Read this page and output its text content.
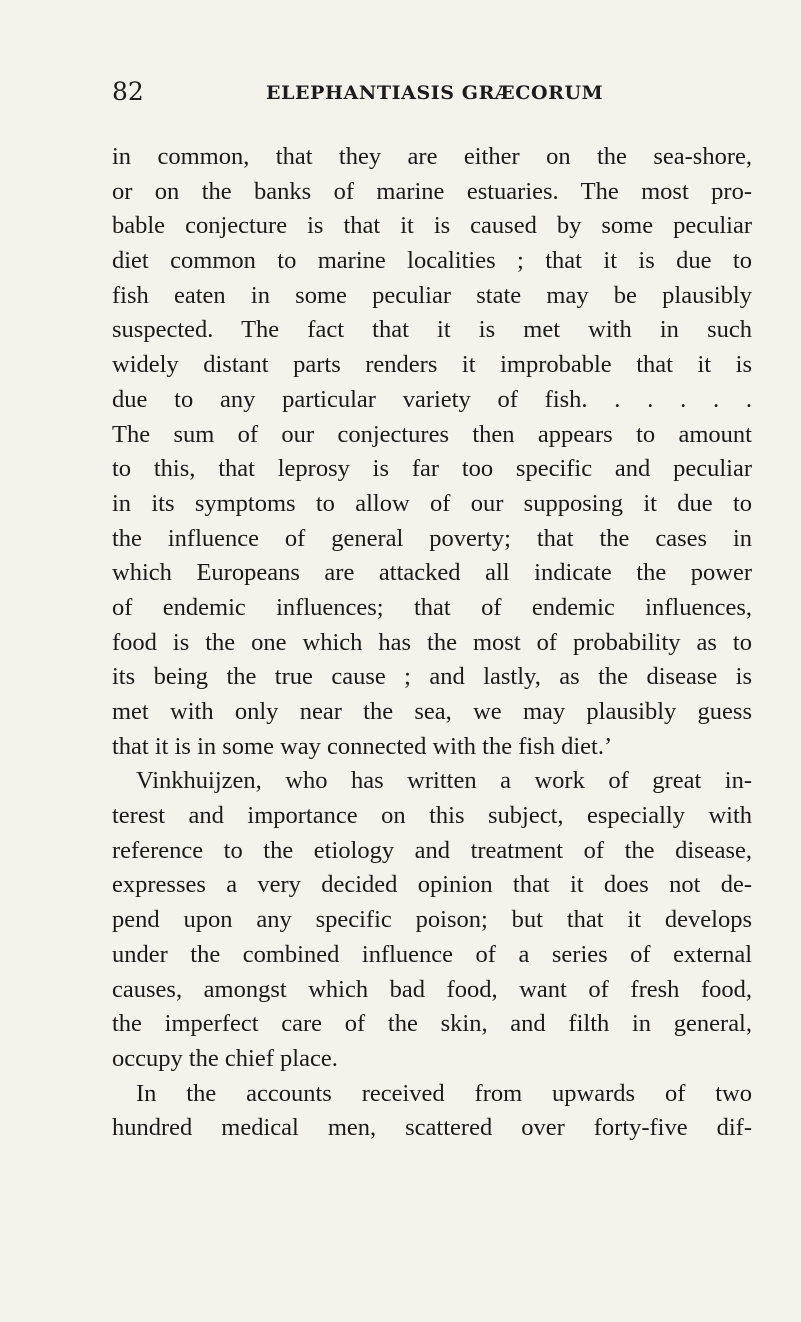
82	ELEPHANTIASIS GRÆCORUM
in common, that they are either on the sea-shore,
or on the banks of marine estuaries. The most pro-
bable conjecture is that it is caused by some peculiar
diet common to marine localities ; that it is due to
fish eaten in some peculiar state may be plausibly
suspected. The fact that it is met with in such
widely distant parts renders it improbable that it is
due to any particular variety of fish. . . . . .
The sum of our conjectures then appears to amount
to this, that leprosy is far too specific and peculiar
in its symptoms to allow of our supposing it due to
the influence of general poverty; that the cases in
which Europeans are attacked all indicate the power
of endemic influences; that of endemic influences,
food is the one which has the most of probability as to
its being the true cause ; and lastly, as the disease is
met with only near the sea, we may plausibly guess
that it is in some way connected with the fish diet.’
Vinkhuijzen, who has written a work of great in-
terest and importance on this subject, especially with
reference to the etiology and treatment of the disease,
expresses a very decided opinion that it does not de-
pend upon any specific poison; but that it develops
under the combined influence of a series of external
causes, amongst which bad food, want of fresh food,
the imperfect care of the skin, and filth in general,
occupy the chief place.
In the accounts received from upwards of two
hundred medical men, scattered over forty-five dif-
